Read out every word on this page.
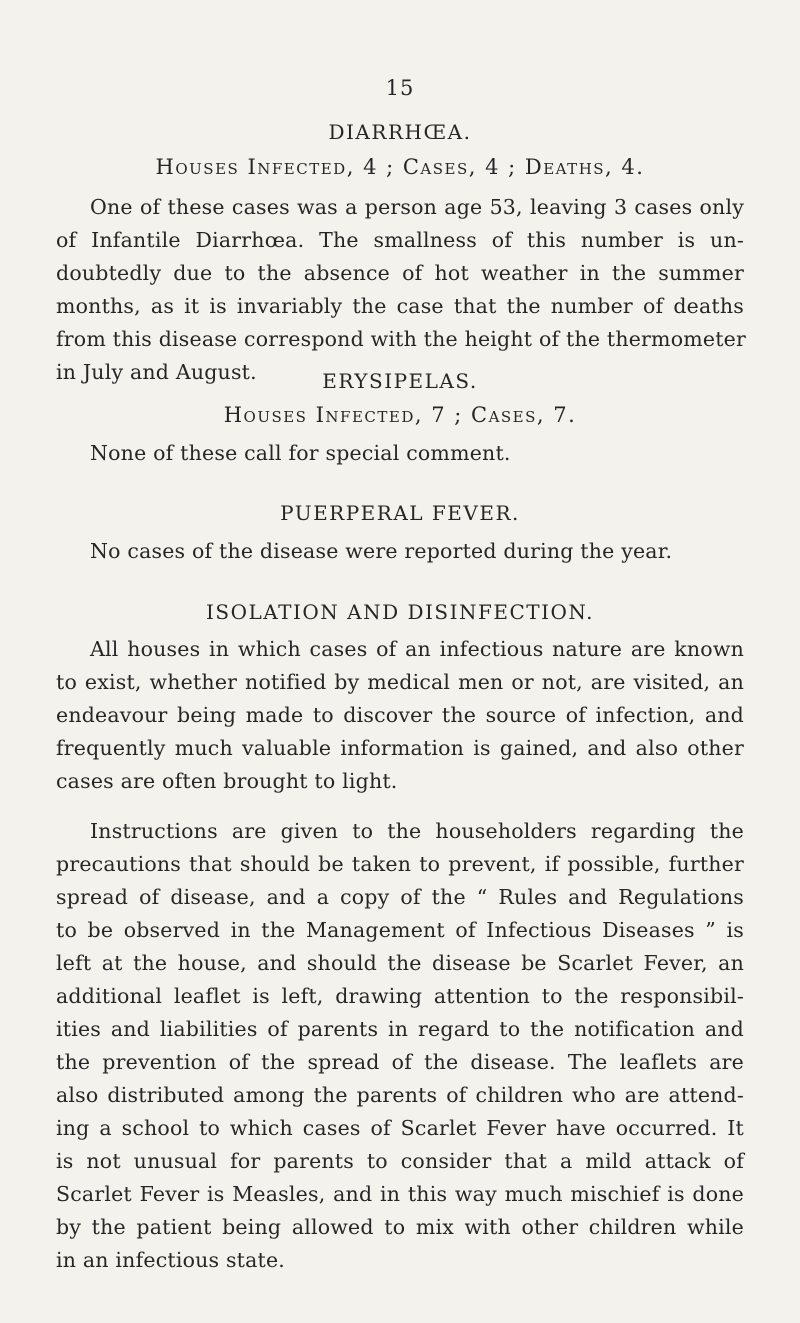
15
DIARRHŒA.
Houses Infected, 4 ; Cases, 4 ; Deaths, 4.
One of these cases was a person age 53, leaving 3 cases only
of Infantile Diarrhœa. The smallness of this number is un-
doubtedly due to the absence of hot weather in the summer
months, as it is invariably the case that the number of deaths
from this disease correspond with the height of the thermometer
in July and August.	ERYSIPELAS.
Houses Infected, 7 ; Cases, 7.
None of these call for special comment.
PUERPERAL FEVER.
No cases of the disease were reported during the year.
ISOLATION AND DISINFECTION.
All houses in which cases of an infectious nature are known
to exist, whether notified by medical men or not, are visited, an
endeavour being made to discover the source of infection, and
frequently much valuable information is gained, and also other
cases are often brought to light.
Instructions are given to the householders regarding the
precautions that should be taken to prevent, if possible, further
spread of disease, and a copy of the “ Rules and Regulations
to be observed in the Management of Infectious Diseases ” is
left at the house, and should the disease be Scarlet Fever, an
additional leaflet is left, drawing attention to the responsibil-
ities and liabilities of parents in regard to the notification and
the prevention of the spread of the disease. The leaflets are
also distributed among the parents of children who are attend-
ing a school to which cases of Scarlet Fever have occurred. It
is not unusual for parents to consider that a mild attack of
Scarlet Fever is Measles, and in this way much mischief is done
by the patient being allowed to mix with other children while
in an infectious state.
